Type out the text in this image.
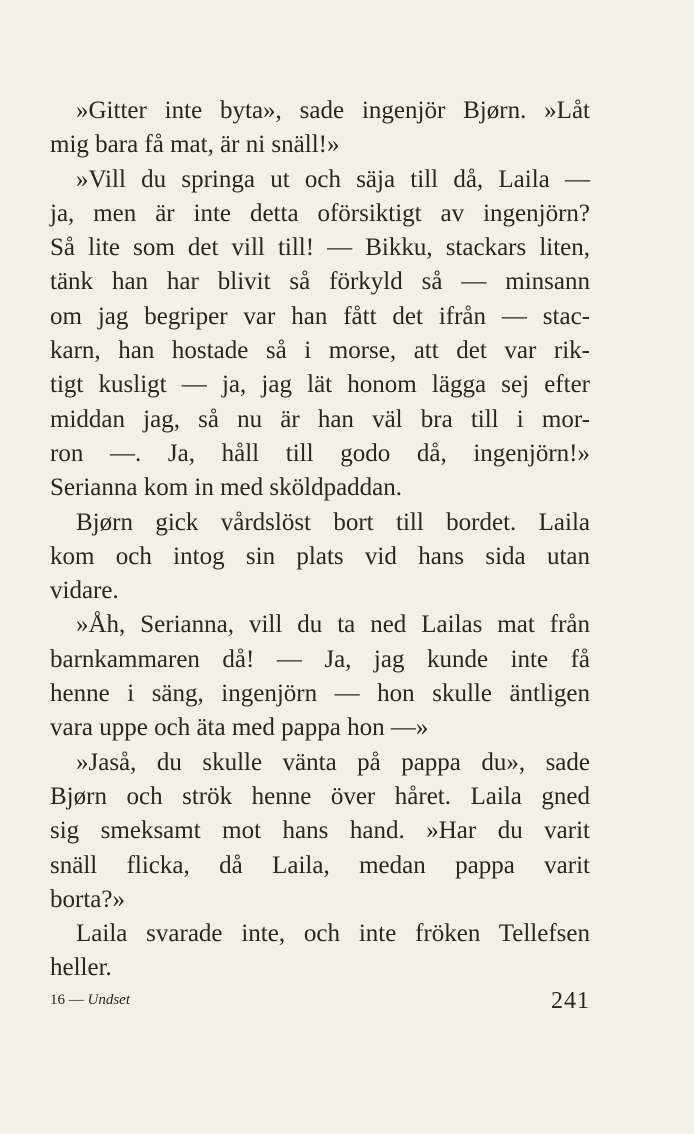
»Gitter inte byta», sade ingenjör Bjørn. »Låt
mig bara få mat, är ni snäll!»
»Vill du springa ut och säja till då, Laila —
ja, men är inte detta oförsiktigt av ingenjörn?
Så lite som det vill till! — Bikku, stackars liten,
tänk han har blivit så förkyld så — minsann
om jag begriper var han fått det ifrån — stac-
karn, han hostade så i morse, att det var rik-
tigt kusligt — ja, jag lät honom lägga sej efter
middan jag, så nu är han väl bra till i mor-
ron —. Ja, håll till godo då, ingenjörn!»
Serianna kom in med sköldpaddan.
Bjørn gick vårdslöst bort till bordet. Laila
kom och intog sin plats vid hans sida utan
vidare.
»Åh, Serianna, vill du ta ned Lailas mat från
barnkammaren då! — Ja, jag kunde inte få
henne i säng, ingenjörn — hon skulle äntligen
vara uppe och äta med pappa hon —»
»Jaså, du skulle vänta på pappa du», sade
Bjørn och strök henne över håret. Laila gned
sig smeksamt mot hans hand. »Har du varit
snäll flicka, då Laila, medan pappa varit
borta?»
Laila svarade inte, och inte fröken Tellefsen
heller.
16 — Undset	241
